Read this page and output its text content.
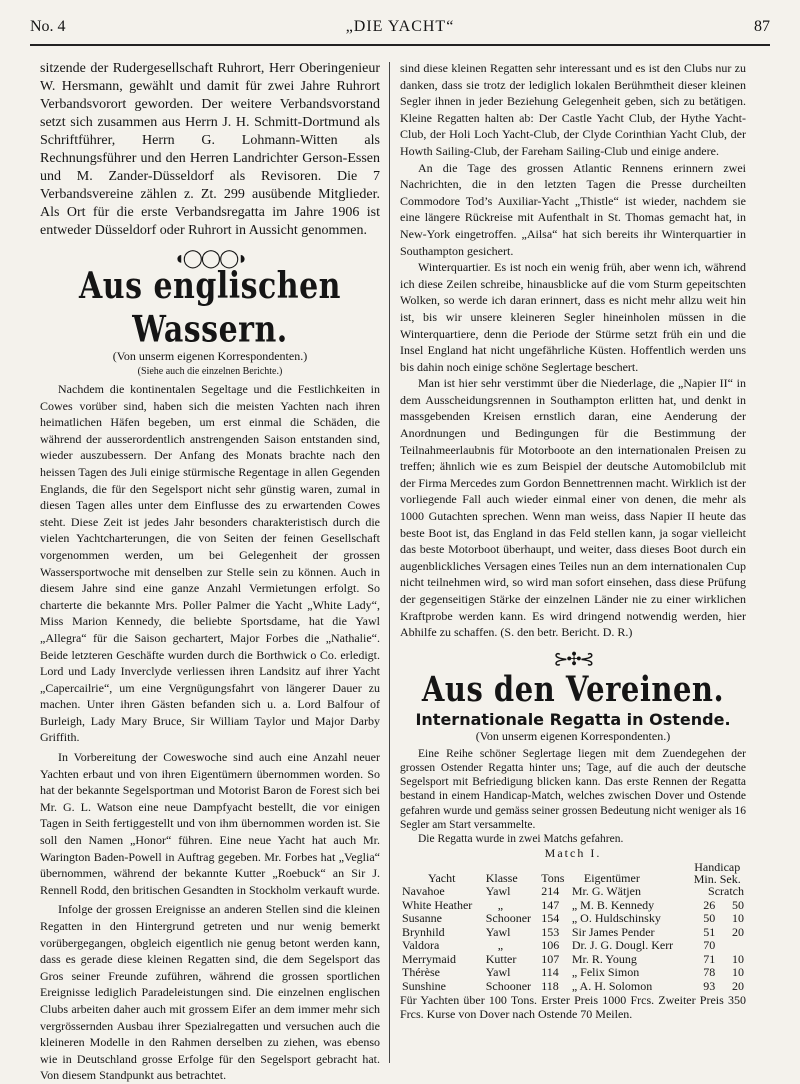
No. 4	„DIE YACHT“	87

sitzende der Rudergesellschaft Ruhrort, Herr Oberingenieur W. Hersmann, gewählt und damit für zwei Jahre Ruhrort Verbandsvorort geworden. Der weitere Verbandsvorstand setzt sich zusammen aus Herrn J. H. Schmitt-Dortmund als Schriftführer, Herrn G. Lohmann-Witten als Rechnungsführer und den Herren Landrichter Gerson-Essen und M. Zander-Düsseldorf als Revisoren. Die 7 Verbandsvereine zählen z. Zt. 299 ausübende Mitglieder. Als Ort für die erste Verbandsregatta im Jahre 1906 ist entweder Düsseldorf oder Ruhrort in Aussicht genommen.

◖◯◯◯◗
Aus englischen Wassern.
(Von unserm eigenen Korrespondenten.)
(Siehe auch die einzelnen Berichte.)

Nachdem die kontinentalen Segeltage und die Festlichkeiten in Cowes vorüber sind, haben sich die meisten Yachten nach ihren heimatlichen Häfen begeben, um erst einmal die Schäden, die während der ausserordentlich anstrengenden Saison entstanden sind, wieder auszubessern. Der Anfang des Monats brachte nach den heissen Tagen des Juli einige stürmische Regentage in allen Gegenden Englands, die für den Segelsport nicht sehr günstig waren, zumal in diesen Tagen alles unter dem Einflusse des zu erwartenden Cowes steht. Diese Zeit ist jedes Jahr besonders charakteristisch durch die vielen Yachtcharterungen, die von Seiten der feinen Gesellschaft vorgenommen werden, um bei Gelegenheit der grossen Wassersportwoche mit denselben zur Stelle sein zu können. Auch in diesem Jahre sind eine ganze Anzahl Vermietungen erfolgt. So charterte die bekannte Mrs. Poller Palmer die Yacht „White Lady“, Miss Marion Kennedy, die beliebte Sportsdame, hat die Yawl „Allegra“ für die Saison gechartert, Major Forbes die „Nathalie“. Beide letzteren Geschäfte wurden durch die Borthwick o Co. erledigt. Lord und Lady Inverclyde verliessen ihren Landsitz auf ihrer Yacht „Capercailrie“, um eine Vergnügungsfahrt von längerer Dauer zu machen. Unter ihren Gästen befanden sich u. a. Lord Balfour of Burleigh, Lady Mary Bruce, Sir William Taylor und Major Darby Griffith.

In Vorbereitung der Coweswoche sind auch eine Anzahl neuer Yachten erbaut und von ihren Eigentümern übernommen worden. So hat der bekannte Segelsportman und Motorist Baron de Forest sich bei Mr. G. L. Watson eine neue Dampfyacht bestellt, die vor einigen Tagen in Seith fertiggestellt und von ihm übernommen worden ist. Sie soll den Namen „Honor“ führen. Eine neue Yacht hat auch Mr. Warington Baden-Powell in Auftrag gegeben. Mr. Forbes hat „Veglia“ übernommen, während der bekannte Kutter „Roebuck“ an Sir J. Rennell Rodd, den britischen Gesandten in Stockholm verkauft wurde.

Infolge der grossen Ereignisse an anderen Stellen sind die kleinen Regatten in den Hintergrund getreten und nur wenig bemerkt vorübergegangen, obgleich eigentlich nie genug betont werden kann, dass es gerade diese kleinen Regatten sind, die dem Segelsport das Gros seiner Freunde zuführen, während die grossen sportlichen Ereignisse lediglich Paradeleistungen sind. Die einzelnen englischen Clubs arbeiten daher auch mit grossem Eifer an dem immer mehr sich vergrössernden Ausbau ihrer Spezialregatten und versuchen auch die kleineren Modelle in den Rahmen derselben zu ziehen, was ebenso wie in Deutschland grosse Erfolge für den Segelsport gebracht hat. Von diesem Standpunkt aus betrachtet.

sind diese kleinen Regatten sehr interessant und es ist den Clubs nur zu danken, dass sie trotz der lediglich lokalen Berühmtheit dieser kleinen Segler ihnen in jeder Beziehung Gelegenheit geben, sich zu betätigen. Kleine Regatten halten ab: Der Castle Yacht Club, der Hythe Yacht-Club, der Holi Loch Yacht-Club, der Clyde Corinthian Yacht Club, der Howth Sailing-Club, der Fareham Sailing-Club und einige andere.

An die Tage des grossen Atlantic Rennens erinnern zwei Nachrichten, die in den letzten Tagen die Presse durcheilten Commodore Tod’s Auxiliar-Yacht „Thistle“ ist wieder, nachdem sie eine längere Rückreise mit Aufenthalt in St. Thomas gemacht hat, in New-York eingetroffen. „Ailsa“ hat sich bereits ihr Winterquartier in Southampton gesichert.

Winterquartier. Es ist noch ein wenig früh, aber wenn ich, während ich diese Zeilen schreibe, hinausblicke auf die vom Sturm gepeitschten Wolken, so werde ich daran erinnert, dass es nicht mehr allzu weit hin ist, bis wir unsere kleineren Segler hineinholen müssen in die Winterquartiere, denn die Periode der Stürme setzt früh ein und die Insel England hat nicht ungefährliche Küsten. Hoffentlich werden uns bis dahin noch einige schöne Seglertage beschert.

Man ist hier sehr verstimmt über die Niederlage, die „Napier II“ in dem Ausscheidungsrennen in Southampton erlitten hat, und denkt in massgebenden Kreisen ernstlich daran, eine Aenderung der Anordnungen und Bedingungen für die Bestimmung der Teilnahmeerlaubnis für Motorboote an den internationalen Preisen zu treffen; ähnlich wie es zum Beispiel der deutsche Automobilclub mit der Firma Mercedes zum Gordon Bennettrennen macht. Wirklich ist der vorliegende Fall auch wieder einmal einer von denen, die mehr als 1000 Gutachten sprechen. Wenn man weiss, dass Napier II heute das beste Boot ist, das England in das Feld stellen kann, ja sogar vielleicht das beste Motorboot überhaupt, und weiter, dass dieses Boot durch ein augenblickliches Versagen eines Teiles nun an dem internationalen Cup nicht teilnehmen wird, so wird man sofort einsehen, dass diese Prüfung der gegenseitigen Stärke der einzelnen Länder nie zu einer wirklichen Kraftprobe werden kann. Es wird dringend notwendig werden, hier Abhilfe zu schaffen. (S. den betr. Bericht. D. R.)

⊱✣⊰
Aus den Vereinen.
Internationale Regatta in Ostende.
(Von unserm eigenen Korrespondenten.)

Eine Reihe schöner Seglertage liegen mit dem Zuendegehen der grossen Ostender Regatta hinter uns; Tage, auf die auch der deutsche Segelsport mit Befriedigung blicken kann. Das erste Rennen der Regatta bestand in einem Handicap-Match, welches zwischen Dover und Ostende gefahren wurde und gemäss seiner grossen Bedeutung nicht weniger als 16 Segler am Start versammelte.

Die Regatta wurde in zwei Matchs gefahren.

Match I.
Yacht	Klasse	Tons	Eigentümer	Handicap
Min. Sek.	
Navahoe	Yawl	214	Mr. G. Wätjen	Scratch	
White Heather	„	147	„ M. B. Kennedy	26	50
Susanne	Schooner	154	„ O. Huldschinsky	50	10
Brynhild	Yawl	153	Sir James Pender	51	20
Valdora	„	106	Dr. J. G. Dougl. Kerr	70	
Merrymaid	Kutter	107	Mr. R. Young	71	10
Thérèse	Yawl	114	„ Felix Simon	78	10
Sunshine	Schooner	118	„ A. H. Solomon	93	20

Für Yachten über 100 Tons. Erster Preis 1000 Frcs. Zweiter Preis 350 Frcs. Kurse von Dover nach Ostende 70 Meilen.
